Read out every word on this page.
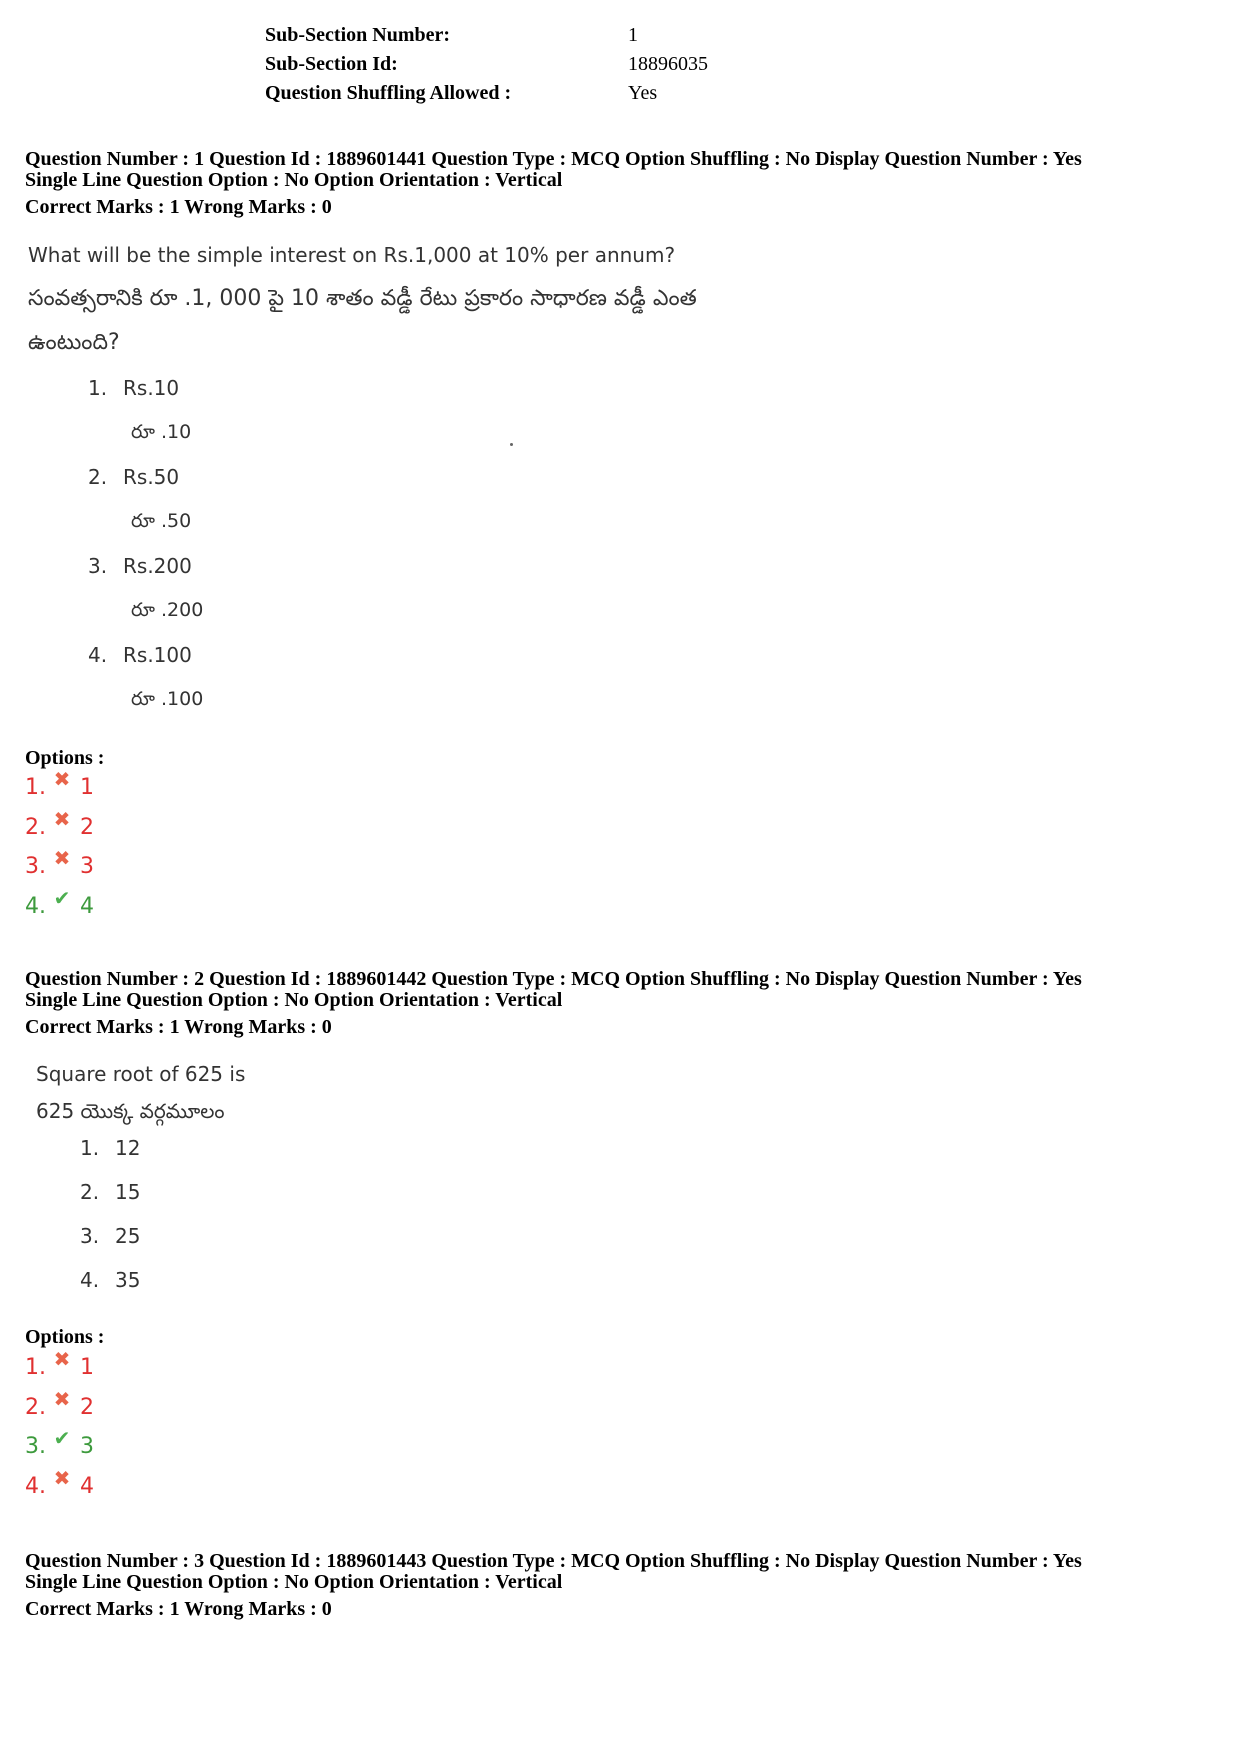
Sub-Section Number:	1
Sub-Section Id:	18896035
Question Shuffling Allowed :	Yes
Question Number : 1 Question Id : 1889601441 Question Type : MCQ Option Shuffling : No Display Question Number : Yes
Single Line Question Option : No Option Orientation : Vertical
Correct Marks : 1 Wrong Marks : 0
What will be the simple interest on Rs.1,000 at 10% per annum?
సంవత్సరానికి రూ .1, 000 పై 10 శాతం వడ్డీ రేటు ప్రకారం సాధారణ వడ్డీ ఎంత
ఉంటుంది?
1. Rs.10
రూ .10
2. Rs.50
రూ .50
3. Rs.200
రూ .200
4. Rs.100
రూ .100
Options :
1. ✖ 1
2. ✖ 2
3. ✖ 3
4. ✔ 4
Question Number : 2 Question Id : 1889601442 Question Type : MCQ Option Shuffling : No Display Question Number : Yes
Single Line Question Option : No Option Orientation : Vertical
Correct Marks : 1 Wrong Marks : 0
Square root of 625 is
625 యొక్క వర్గమూలం
1. 12
2. 15
3. 25
4. 35
Options :
1. ✖ 1
2. ✖ 2
3. ✔ 3
4. ✖ 4
Question Number : 3 Question Id : 1889601443 Question Type : MCQ Option Shuffling : No Display Question Number : Yes
Single Line Question Option : No Option Orientation : Vertical
Correct Marks : 1 Wrong Marks : 0
